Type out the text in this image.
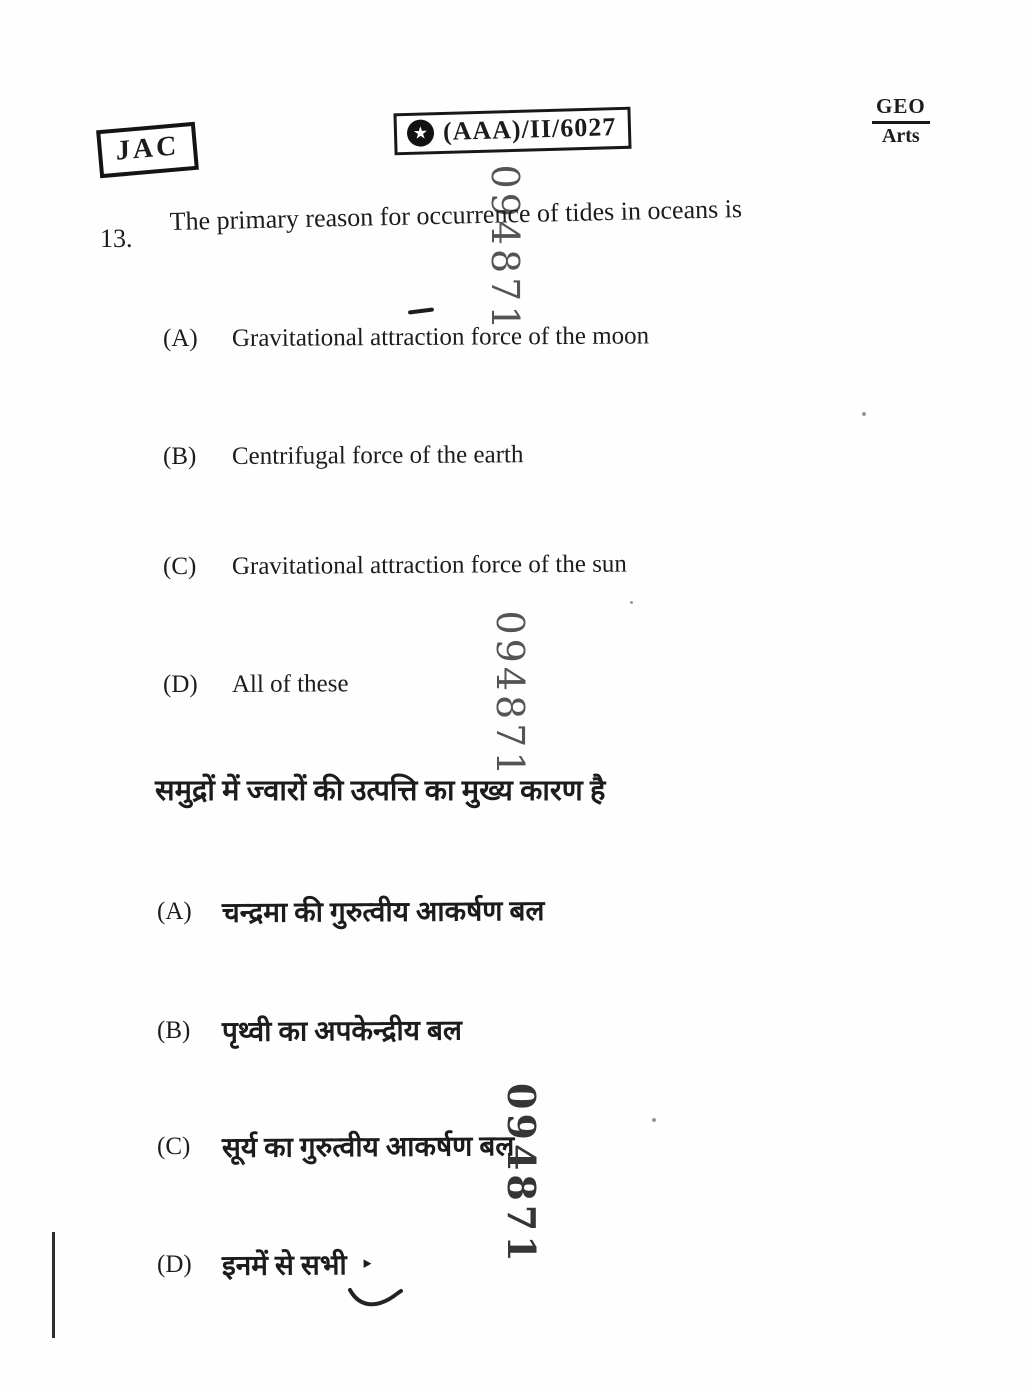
JAC	★ (AAA)/II/6027
GEO
Arts
094871
094871
094871
13.
The primary reason for occurrence of tides in oceans is
(A) Gravitational attraction force of the moon
(B) Centrifugal force of the earth
(C) Gravitational attraction force of the sun
(D) All of these
समुद्रों में ज्वारों की उत्पत्ति का मुख्य कारण है
(A) चन्द्रमा की गुरुत्वीय आकर्षण बल
(B) पृथ्वी का अपकेन्द्रीय बल
(C) सूर्य का गुरुत्वीय आकर्षण बल
(D) इनमें से सभी ‣
